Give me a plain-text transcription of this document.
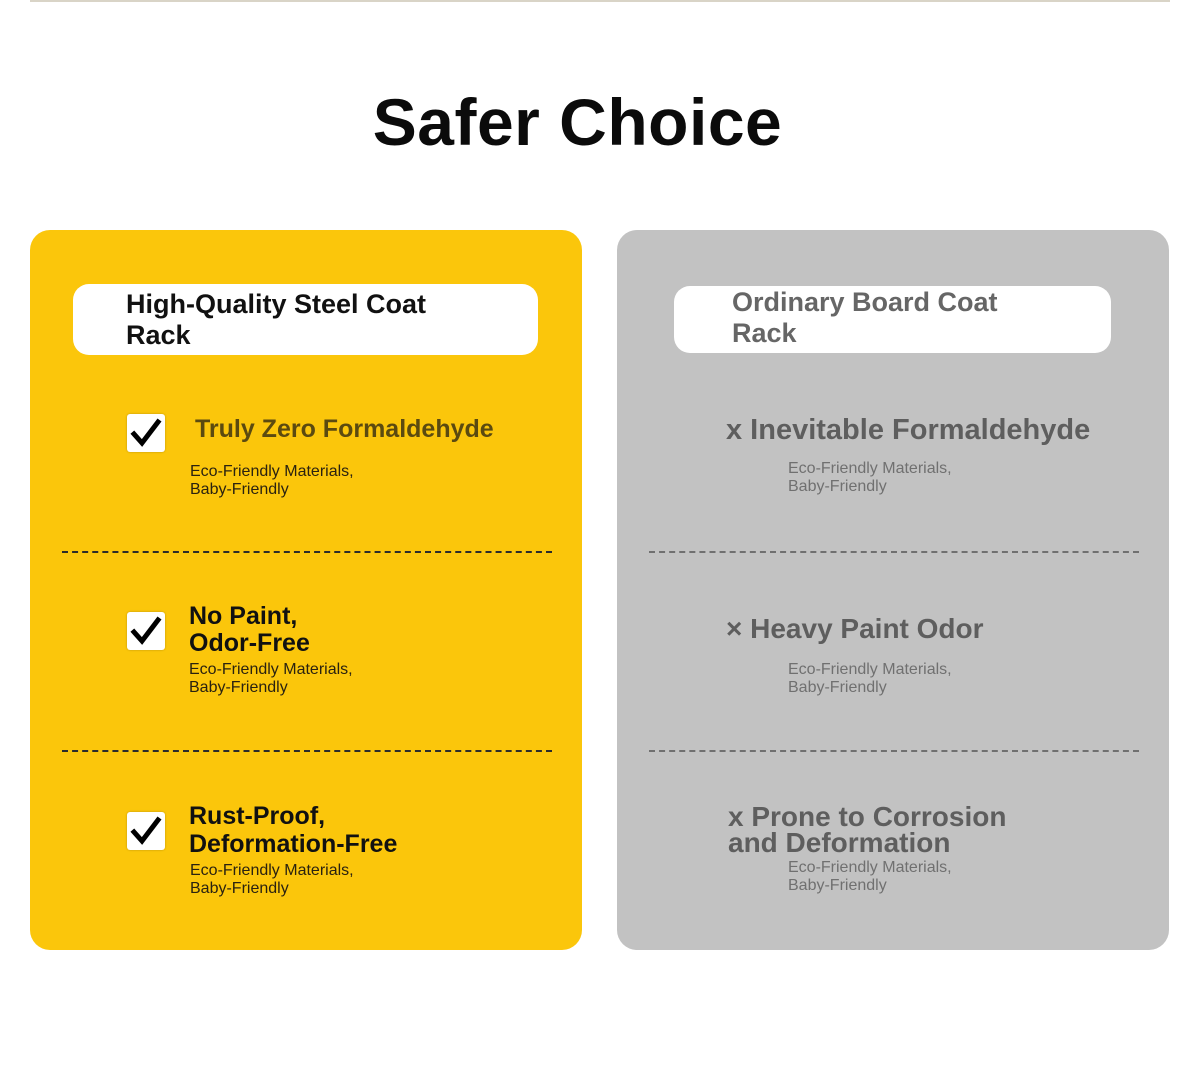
Safer Choice
High-Quality Steel Coat Rack
Truly Zero Formaldehyde
Eco-Friendly Materials, Baby-Friendly
No Paint, Odor-Free
Eco-Friendly Materials, Baby-Friendly
Rust-Proof, Deformation-Free
Eco-Friendly Materials, Baby-Friendly
Ordinary Board Coat Rack
x Inevitable Formaldehyde
Eco-Friendly Materials, Baby-Friendly
× Heavy Paint Odor
Eco-Friendly Materials, Baby-Friendly
x Prone to Corrosion and Deformation
Eco-Friendly Materials, Baby-Friendly
